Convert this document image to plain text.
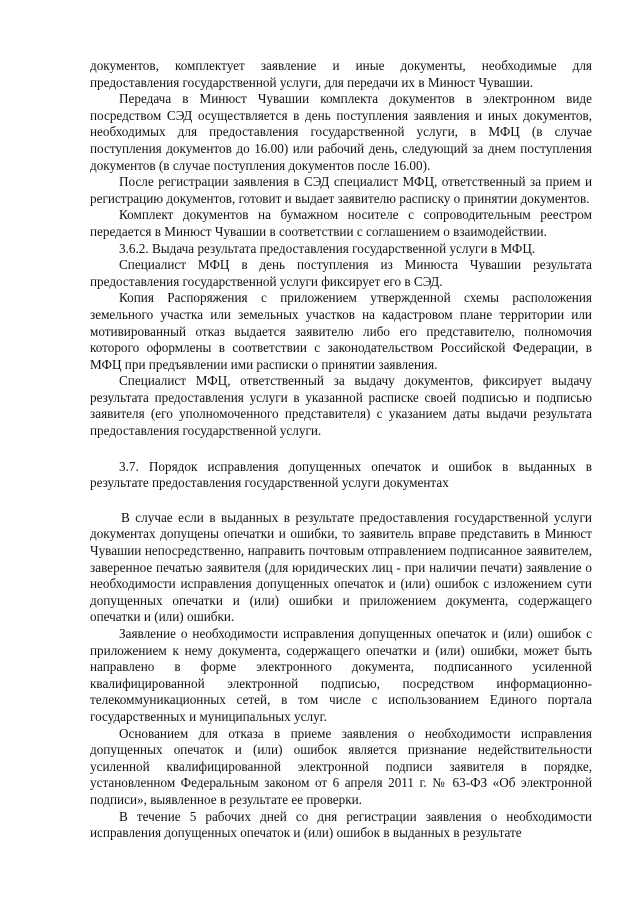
документов, комплектует заявление и иные документы, необходимые для предоставления государственной услуги, для передачи их в Минюст Чувашии.

Передача в Минюст Чувашии комплекта документов в электронном виде посредством СЭД осуществляется в день поступления заявления и иных документов, необходимых для предоставления государственной услуги, в МФЦ (в случае поступления документов до 16.00) или рабочий день, следующий за днем поступления документов (в случае поступления документов после 16.00).

После регистрации заявления в СЭД специалист МФЦ, ответственный за прием и регистрацию документов, готовит и выдает заявителю расписку о принятии документов.

Комплект документов на бумажном носителе с сопроводительным реестром передается в Минюст Чувашии в соответствии с соглашением о взаимодействии.

3.6.2. Выдача результата предоставления государственной услуги в МФЦ.

Специалист МФЦ в день поступления из Минюста Чувашии результата предоставления государственной услуги фиксирует его в СЭД.

Копия Распоряжения с приложением утвержденной схемы расположения земельного участка или земельных участков на кадастровом плане территории или мотивированный отказ выдается заявителю либо его представителю, полномочия которого оформлены в соответствии с законодательством Российской Федерации, в МФЦ при предъявлении ими расписки о принятии заявления.

Специалист МФЦ, ответственный за выдачу документов, фиксирует выдачу результата предоставления услуги в указанной расписке своей подписью и подписью заявителя (его уполномоченного представителя) с указанием даты выдачи результата предоставления государственной услуги.

3.7. Порядок исправления допущенных опечаток и ошибок в выданных в результате предоставления государственной услуги документах

В случае если в выданных в результате предоставления государственной услуги документах допущены опечатки и ошибки, то заявитель вправе представить в Минюст Чувашии непосредственно, направить почтовым отправлением подписанное заявителем, заверенное печатью заявителя (для юридических лиц - при наличии печати) заявление о необходимости исправления допущенных опечаток и (или) ошибок с изложением сути допущенных опечатки и (или) ошибки и приложением документа, содержащего опечатки и (или) ошибки.

Заявление о необходимости исправления допущенных опечаток и (или) ошибок с приложением к нему документа, содержащего опечатки и (или) ошибки, может быть направлено в форме электронного документа, подписанного усиленной квалифицированной электронной подписью, посредством информационно-телекоммуникационных сетей, в том числе с использованием Единого портала государственных и муниципальных услуг.

Основанием для отказа в приеме заявления о необходимости исправления допущенных опечаток и (или) ошибок является признание недействительности усиленной квалифицированной электронной подписи заявителя в порядке, установленном Федеральным законом от 6 апреля 2011 г. № 63-ФЗ «Об электронной подписи», выявленное в результате ее проверки.

В течение 5 рабочих дней со дня регистрации заявления о необходимости исправления допущенных опечаток и (или) ошибок в выданных в результате
